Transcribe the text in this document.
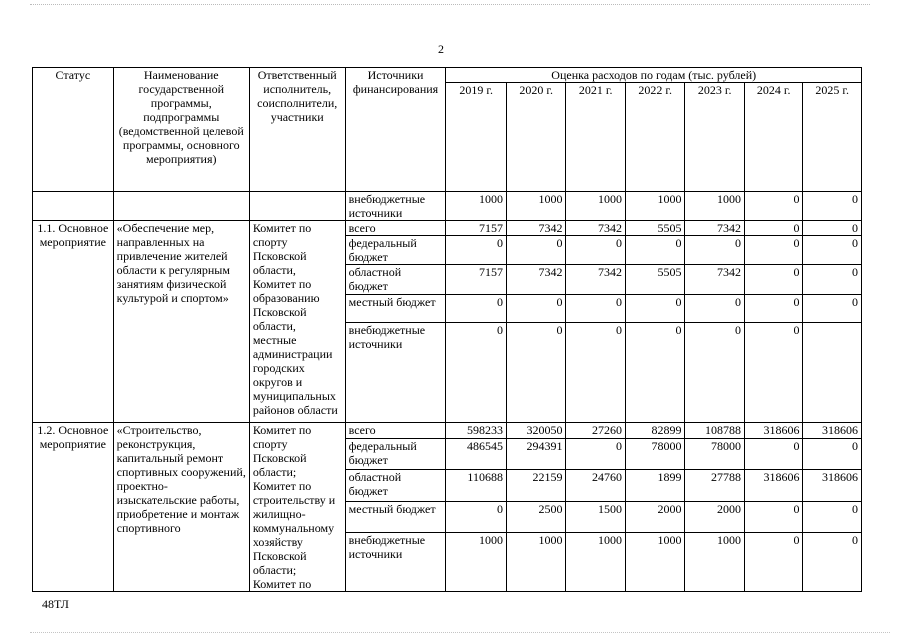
2
Статус	Наименование государственной программы, подпрограммы (ведомственной целевой программы, основного мероприятия)	Ответственный исполнитель, соисполнители, участники	Источники финансирования	Оценка расходов по годам (тыс. рублей)						
				2019 г.	2020 г.	2021 г.	2022 г.	2023 г.	2024 г.	2025 г.
			внебюджетные источники	1000	1000	1000	1000	1000	0	0
1.1. Основное мероприятие	«Обеспечение мер, направленных на привлечение жителей области к регулярным занятиям физической культурой и спортом»	Комитет по спорту Псковской области, Комитет по образованию Псковской области, местные администрации городских округов и муниципальных районов области	всего	7157	7342	7342	5505	7342	0	0
			федеральный бюджет	0	0	0	0	0	0	0
			областной бюджет	7157	7342	7342	5505	7342	0	0
			местный бюджет	0	0	0	0	0	0	0
			внебюджетные источники	0	0	0	0	0	0	
1.2. Основное мероприятие	«Строительство, реконструкция, капитальный ремонт спортивных сооружений, проектно-изыскательские работы, приобретение и монтаж спортивного	Комитет по спорту Псковской области; Комитет по строительству и жилищно-коммунальному хозяйству Псковской области; Комитет по	всего	598233	320050	27260	82899	108788	318606	318606
			федеральный бюджет	486545	294391	0	78000	78000	0	0
			областной бюджет	110688	22159	24760	1899	27788	318606	318606
			местный бюджет	0	2500	1500	2000	2000	0	0
			внебюджетные источники	1000	1000	1000	1000	1000	0	0
48ТЛ
